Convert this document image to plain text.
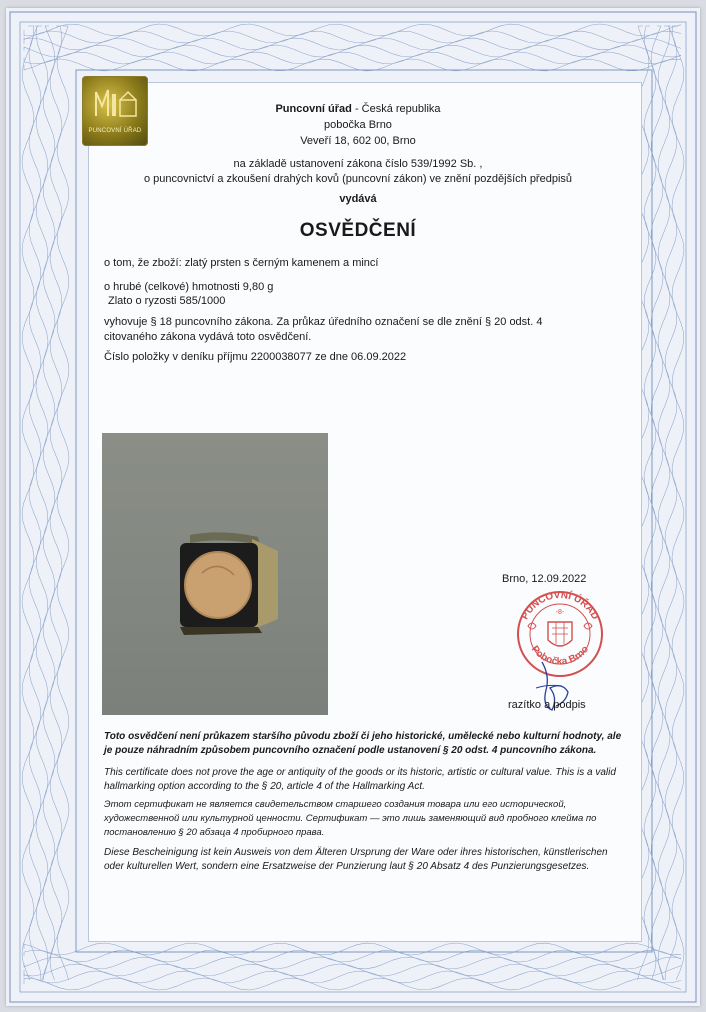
PUNCOVNÍ ÚŘAD
Puncovní úřad - Česká republika
pobočka Brno
Veveří 18, 602 00, Brno
na základě ustanovení zákona číslo 539/1992 Sb. ,
o puncovnictví a zkoušení drahých kovů (puncovní zákon) ve znění pozdějších předpisů
vydává
OSVĚDČENÍ
o tom, že zboží: zlatý prsten s černým kamenem a mincí
o hrubé (celkové) hmotnosti 9,80 g
Zlato o ryzosti 585/1000
vyhovuje § 18 puncovního zákona. Za průkaz úředního označení se dle znění § 20 odst. 4
citovaného zákona vydává toto osvědčení.
Číslo položky v deníku příjmu 2200038077 ze dne 06.09.2022
Brno, 12.09.2022
PUNCOVNÍ ÚŘAD
Pobočka Brno
-8-
razítko a podpis
Toto osvědčení není průkazem staršího původu zboží či jeho historické, umělecké nebo kulturní hodnoty, ale je pouze náhradním způsobem puncovního označení podle ustanovení § 20 odst. 4 puncovního zákona.
This certificate does not prove the age or antiquity of the goods or its historic, artistic or cultural value. This is a valid hallmarking option according to the § 20, article 4 of the Hallmarking Act.
Этот сертификат не является свидетельством старшего создания товара или его исторической, художественной или культурной ценности. Сертификат — это лишь заменяющий вид пробного клейма по постановлению § 20 абзаца 4 пробирного права.
Diese Bescheinigung ist kein Ausweis von dem Älteren Ursprung der Ware oder ihres historischen, künstlerischen oder kulturellen Wert, sondern eine Ersatzweise der Punzierung laut § 20 Absatz 4 des Punzierungsgesetzes.
